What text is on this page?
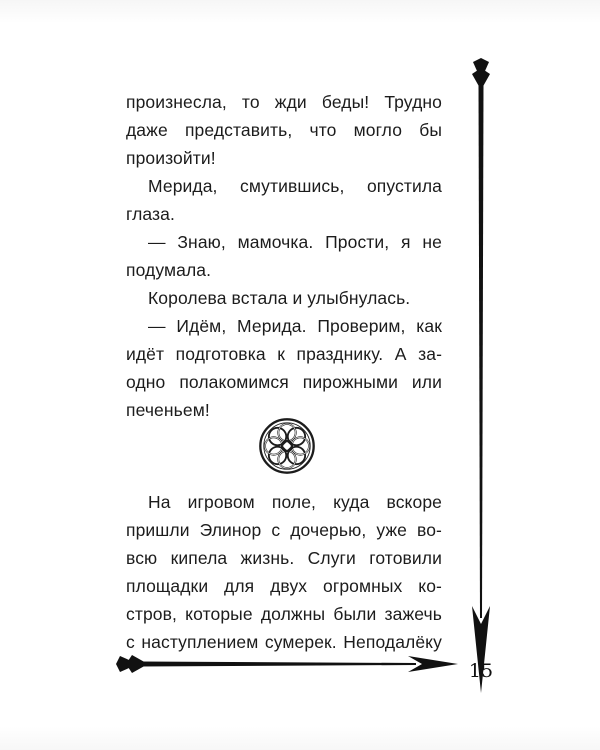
произнесла, то жди беды! Трудно
даже представить, что могло бы
произойти!

Мерида, смутившись, опустила
глаза.

— Знаю, мамочка. Прости, я не
подумала.

Королева встала и улыбнулась.

— Идём, Мерида. Проверим, как
идёт подготовка к празднику. А за-
одно полакомимся пирожными или
печеньем!

На игровом поле, куда вскоре
пришли Элинор с дочерью, уже во-
всю кипела жизнь. Слуги готовили
площадки для двух огромных ко-
стров, которые должны были зажечь
с наступлением сумерек. Неподалёку

15
